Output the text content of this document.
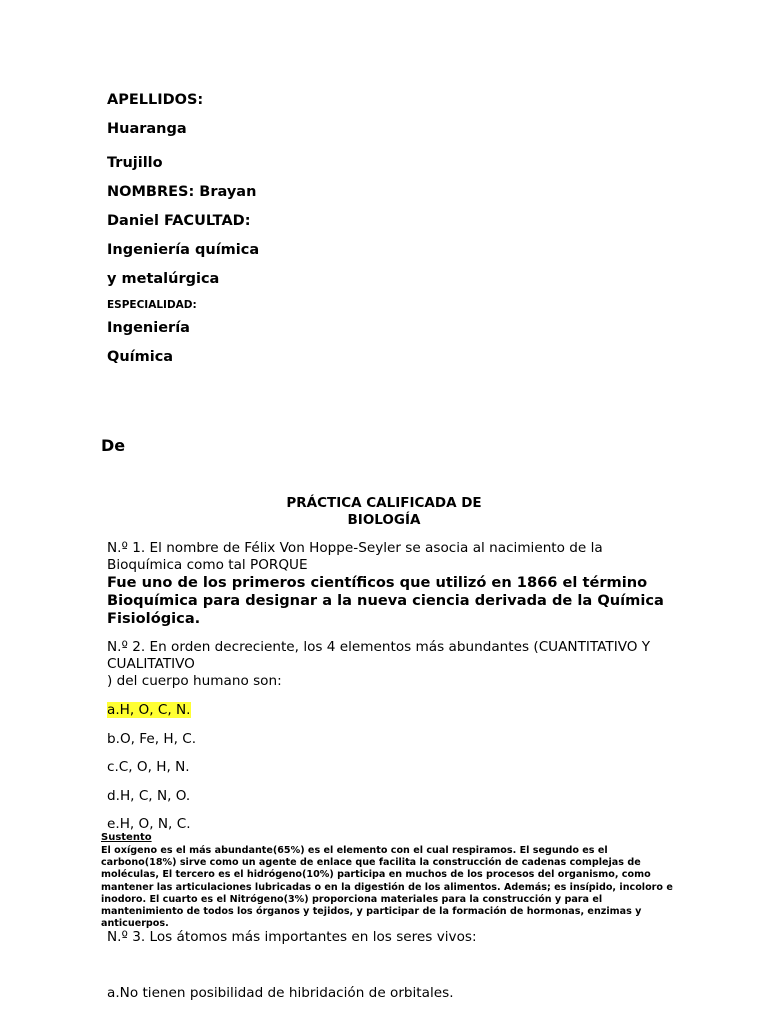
APELLIDOS:
Huaranga
Trujillo
NOMBRES: Brayan
Daniel FACULTAD:
Ingeniería química
y metalúrgica
ESPECIALIDAD:
Ingeniería
Química
De
PRÁCTICA CALIFICADA DE
BIOLOGÍA
N.º 1. El nombre de Félix Von Hoppe-Seyler se asocia al nacimiento de la
Bioquímica como tal PORQUE
Fue uno de los primeros científicos que utilizó en 1866 el término Bioquímica para designar a la nueva ciencia derivada de la Química Fisiológica.
N.º 2. En orden decreciente, los 4 elementos más abundantes (CUANTITATIVO Y
CUALITATIVO
) del cuerpo humano son:
a.H, O, C, N.
b.O, Fe, H, C.
c.C, O, H, N.
d.H, C, N, O.
e.H, O, N, C.
Sustento
El oxígeno es el más abundante(65%) es el elemento con el cual respiramos. El segundo es el carbono(18%) sirve como un agente de enlace que facilita la construcción de cadenas complejas de moléculas, El tercero es el hidrógeno(10%) participa en muchos de los procesos del organismo, como mantener las articulaciones lubricadas o en la digestión de los alimentos. Además; es insípido, incoloro e inodoro. El cuarto es el Nitrógeno(3%) proporciona materiales para la construcción y para el mantenimiento de todos los órganos y tejidos, y participar de la formación de hormonas, enzimas y anticuerpos.
N.º 3. Los átomos más importantes en los seres vivos:
a.No tienen posibilidad de hibridación de orbitales.
